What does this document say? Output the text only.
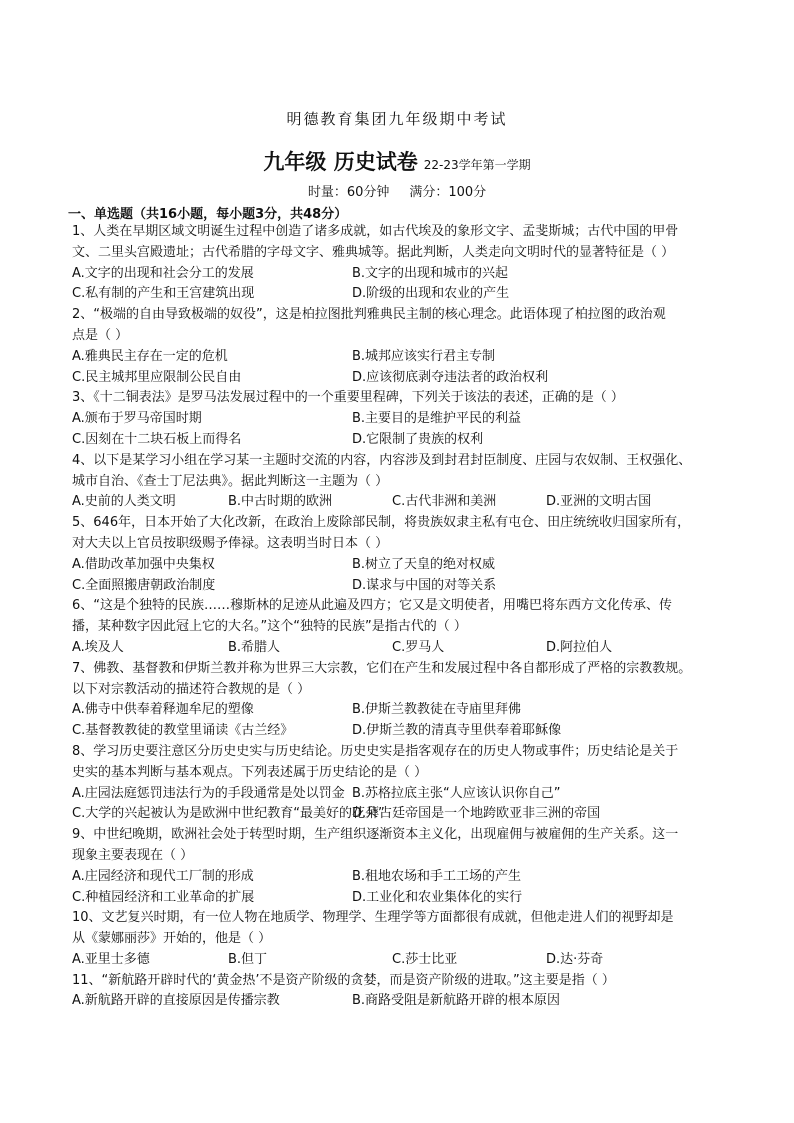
明德教育集团九年级期中考试
九年级 历史试卷 22-23学年第一学期
时量：60分钟 满分：100分
一、单选题（共16小题，每小题3分，共48分）
1、人类在早期区域文明诞生过程中创造了诸多成就，如古代埃及的象形文字、孟斐斯城；古代中国的甲骨
文、二里头宫殿遗址；古代希腊的字母文字、雅典城等。据此判断，人类走向文明时代的显著特征是（ ）
A.文字的出现和社会分工的发展	B.文字的出现和城市的兴起
C.私有制的产生和王宫建筑出现	D.阶级的出现和农业的产生
2、“极端的自由导致极端的奴役”，这是柏拉图批判雅典民主制的核心理念。此语体现了柏拉图的政治观
点是（ ）
A.雅典民主存在一定的危机	B.城邦应该实行君主专制
C.民主城邦里应限制公民自由	D.应该彻底剥夺违法者的政治权利
3、《十二铜表法》是罗马法发展过程中的一个重要里程碑，下列关于该法的表述，正确的是（ ）
A.颁布于罗马帝国时期	B.主要目的是维护平民的利益
C.因刻在十二块石板上而得名	D.它限制了贵族的权利
4、以下是某学习小组在学习某一主题时交流的内容，内容涉及到封君封臣制度、庄园与农奴制、王权强化、
城市自治、《查士丁尼法典》。据此判断这一主题为（ ）
A.史前的人类文明	B.中古时期的欧洲	C.古代非洲和美洲	D.亚洲的文明古国
5、646年，日本开始了大化改新，在政治上废除部民制，将贵族奴隶主私有屯仓、田庄统统收归国家所有，
对大夫以上官员按职级赐予俸禄。这表明当时日本（ ）
A.借助改革加强中央集权	B.树立了天皇的绝对权威
C.全面照搬唐朝政治制度	D.谋求与中国的对等关系
6、“这是个独特的民族……穆斯林的足迹从此遍及四方；它又是文明使者，用嘴巴将东西方文化传承、传
播，某种数字因此冠上它的大名。”这个“独特的民族”是指古代的（ ）
A.埃及人	B.希腊人	C.罗马人	D.阿拉伯人
7、佛教、基督教和伊斯兰教并称为世界三大宗教，它们在产生和发展过程中各自都形成了严格的宗教教规。
以下对宗教活动的描述符合教规的是（ ）
A.佛寺中供奉着释迦牟尼的塑像	B.伊斯兰教教徒在寺庙里拜佛
C.基督教教徒的教堂里诵读《古兰经》	D.伊斯兰教的清真寺里供奉着耶稣像
8、学习历史要注意区分历史史实与历史结论。历史史实是指客观存在的历史人物或事件；历史结论是关于
史实的基本判断与基本观点。下列表述属于历史结论的是（ ）
A.庄园法庭惩罚违法行为的手段通常是处以罚金 B.苏格拉底主张“人应该认识你自己”
C.大学的兴起被认为是欧洲中世纪教育“最美好的花朵”
D.拜占廷帝国是一个地跨欧亚非三洲的帝国
9、中世纪晚期，欧洲社会处于转型时期，生产组织逐渐资本主义化，出现雇佣与被雇佣的生产关系。这一
现象主要表现在（ ）
A.庄园经济和现代工厂制的形成	B.租地农场和手工工场的产生
C.种植园经济和工业革命的扩展	D.工业化和农业集体化的实行
10、文艺复兴时期，有一位人物在地质学、物理学、生理学等方面都很有成就，但他走进人们的视野却是
从《蒙娜丽莎》开始的，他是（ ）
A.亚里士多德	B.但丁	C.莎士比亚	D.达·芬奇
11、“新航路开辟时代的‘黄金热’不是资产阶级的贪婪，而是资产阶级的进取。”这主要是指（ ）
A.新航路开辟的直接原因是传播宗教	B.商路受阻是新航路开辟的根本原因
